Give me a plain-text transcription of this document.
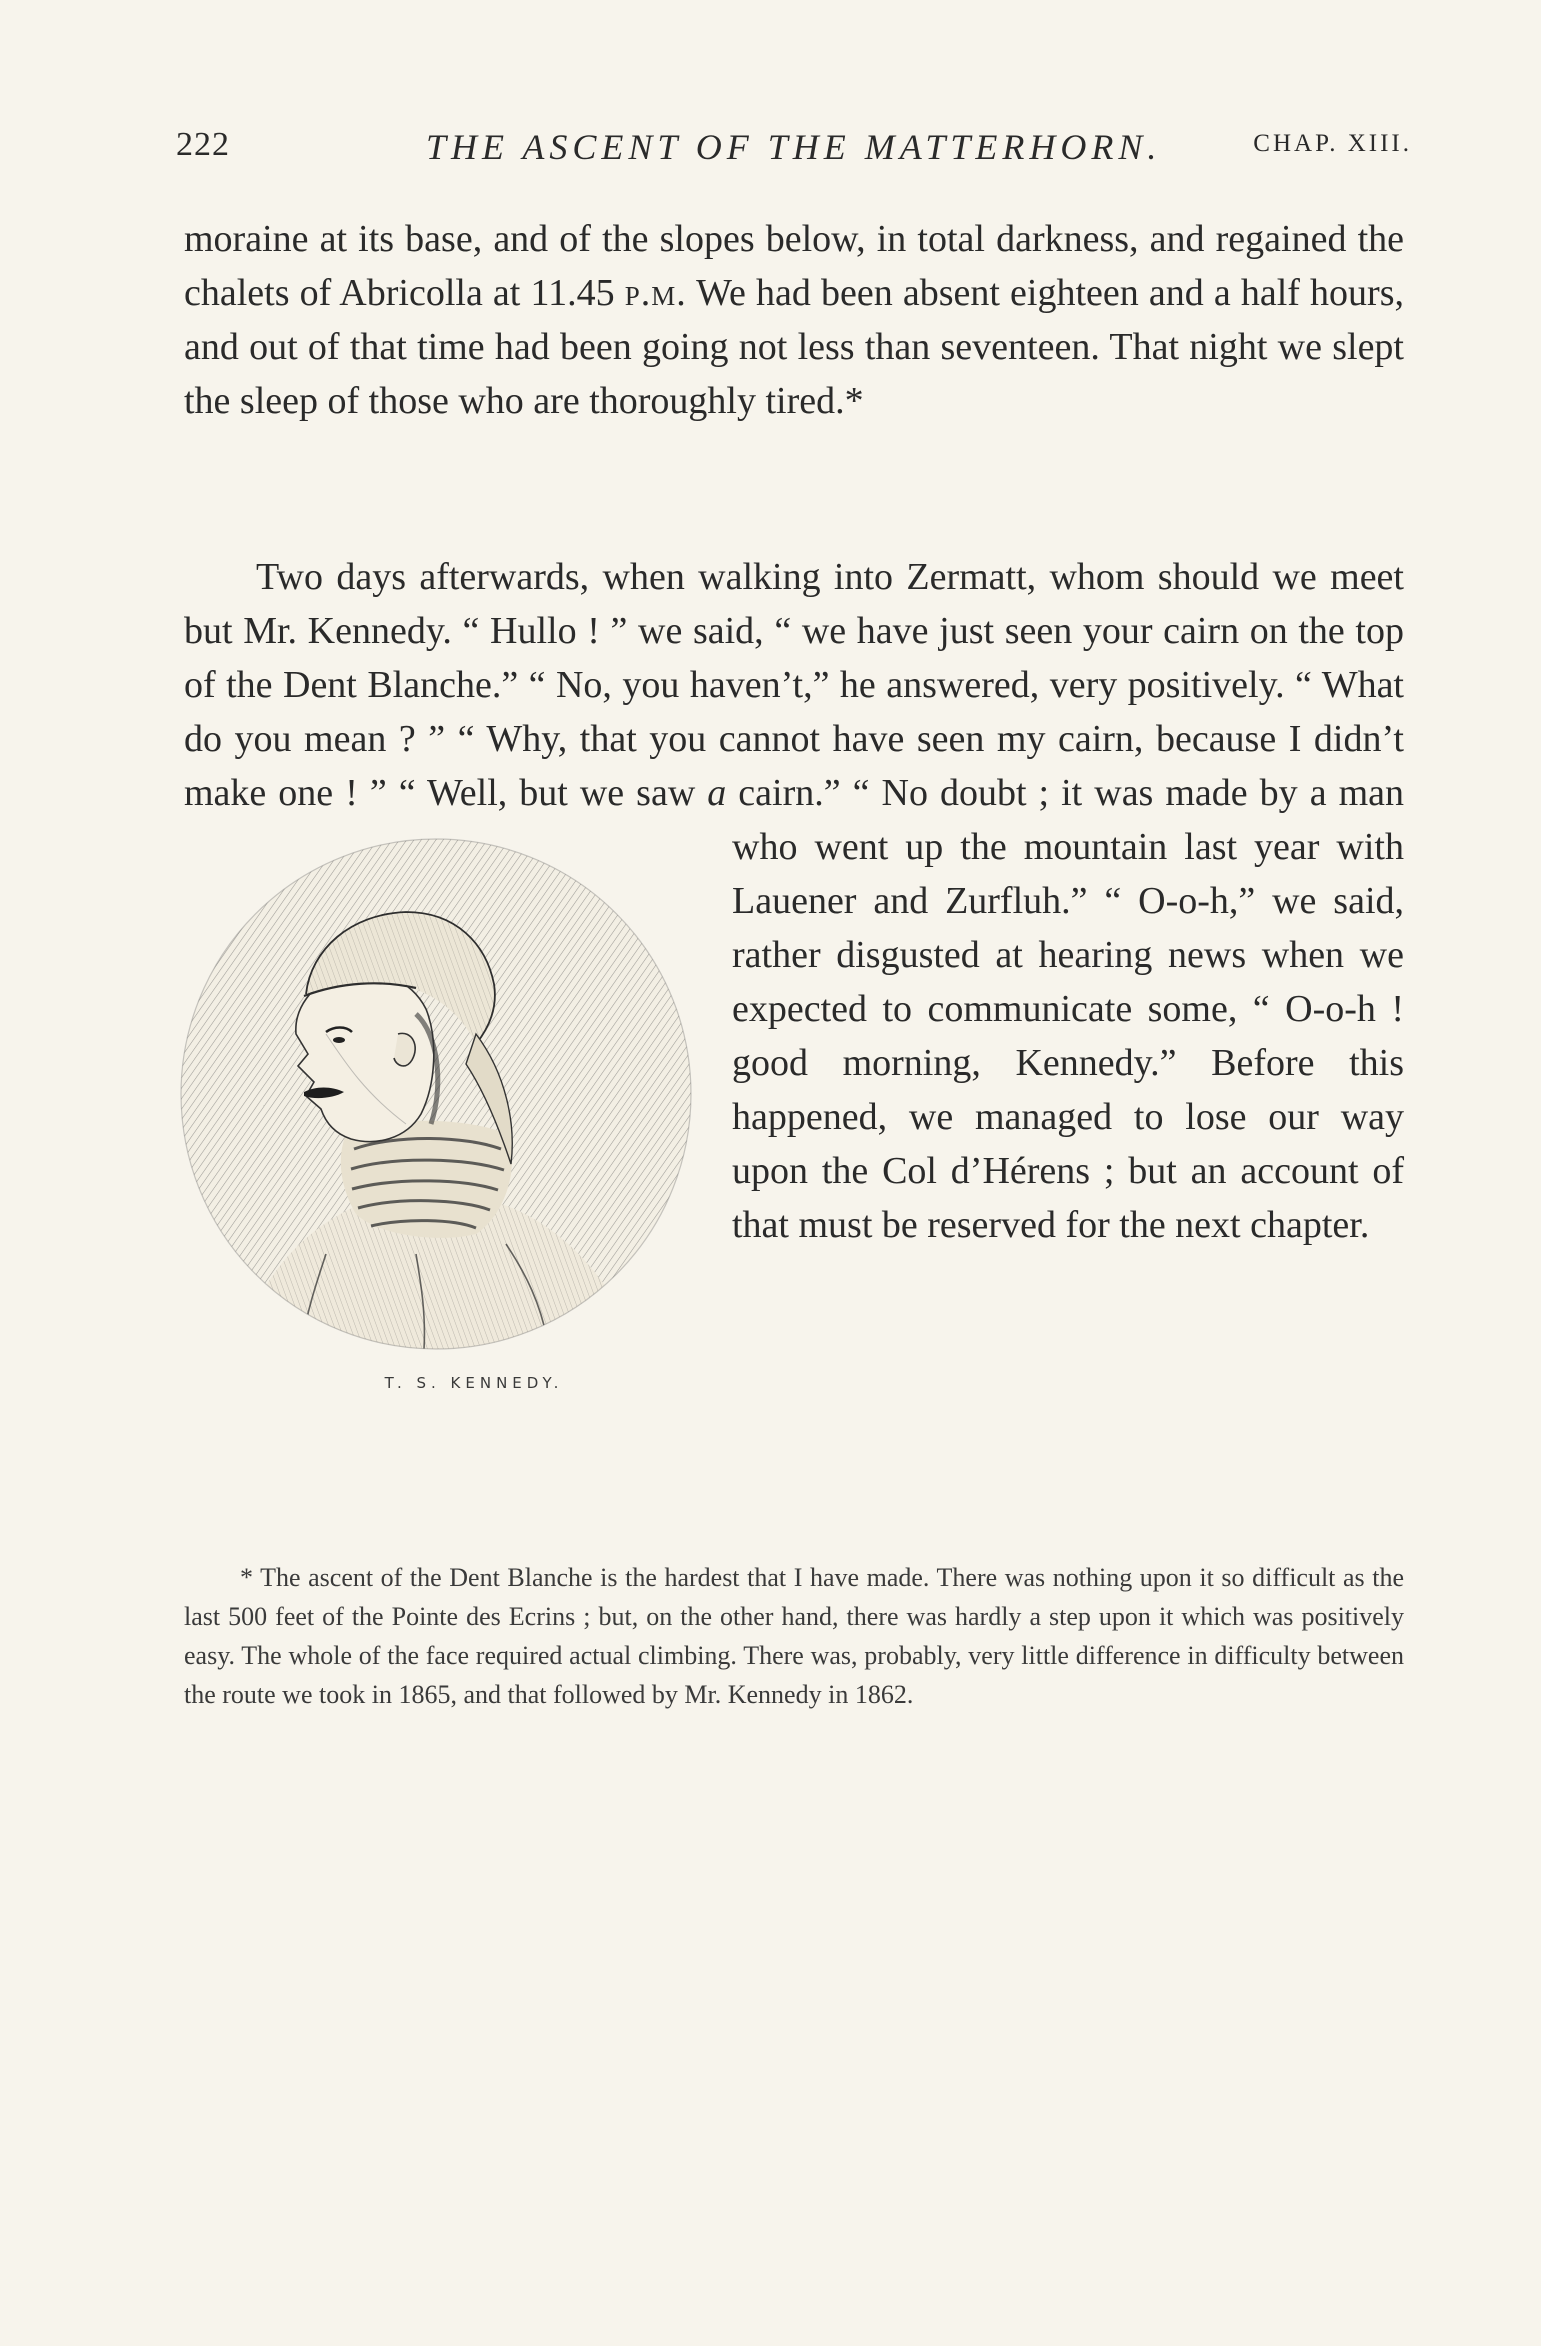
222	THE ASCENT OF THE MATTERHORN.	CHAP. XIII.

moraine at its base, and of the slopes below, in total darkness, and regained the chalets of Abricolla at 11.45 p.m. We had been absent eighteen and a half hours, and out of that time had been going not less than seventeen. That night we slept the sleep of those who are thoroughly tired.*

Two days afterwards, when walking into Zermatt, whom should we meet but Mr. Kennedy. “ Hullo ! ” we said, “ we have just seen your cairn on the top of the Dent Blanche.” “ No, you haven’t,” he answered, very positively. “ What do you mean ? ” “ Why, that you cannot have seen my cairn, because I didn’t make one ! ” “ Well, but we saw
T. S. KENNEDY.
a cairn.” “ No doubt ; it was made by a man who went up the mountain last year with Lauener and Zurfluh.” “ O-o-h,” we said, rather disgusted at hearing news when we expected to communicate some, “ O-o-h ! good morning, Kennedy.” Before this happened, we managed to lose our way upon the Col d’Hérens ; but an account of that must be reserved for the next chapter.

* The ascent of the Dent Blanche is the hardest that I have made. There was nothing upon it so difficult as the last 500 feet of the Pointe des Ecrins ; but, on the other hand, there was hardly a step upon it which was positively easy. The whole of the face required actual climbing. There was, probably, very little difference in difficulty between the route we took in 1865, and that followed by Mr. Kennedy in 1862.
